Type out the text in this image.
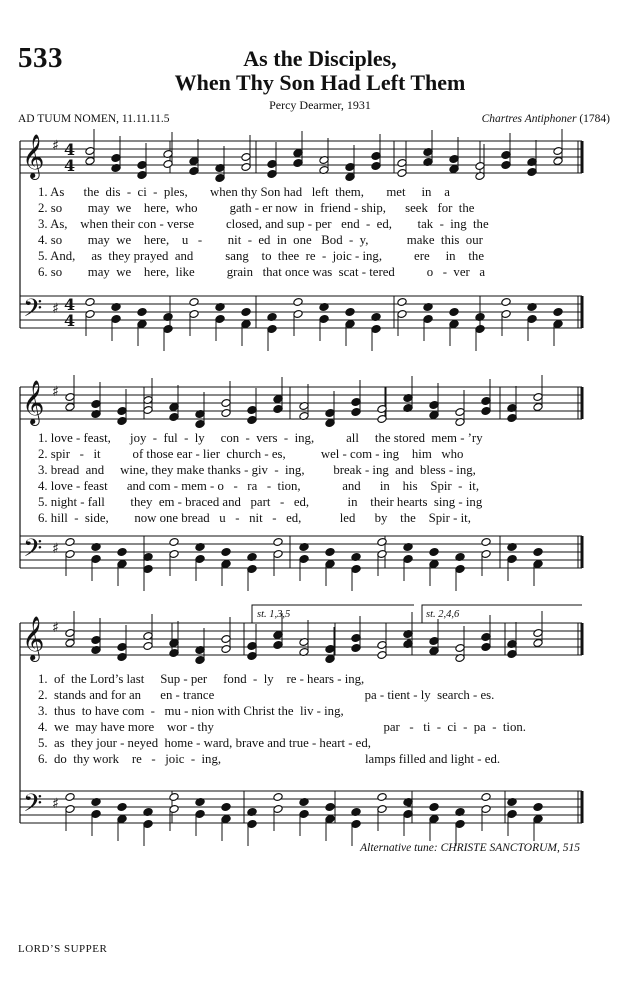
533	As the Disciples,
When Thy Son Had Left Them
Percy Dearmer, 1931
AD TUUM NOMEN, 11.11.11.5	Chartres Antiphoner (1784)
𝄞
𝄢
♯
♯
4
4
4
4
𝄞
𝄢
♯
♯
𝄞
𝄢
♯
♯
1. As      the  dis  -  ci  -  ples,       when thy Son had   left  them,       met     in    a
2. so        may  we    here,  who          gath - er now  in  friend - ship,      seek   for  the
3. As,    when their con - verse          closed, and sup - per   end  -  ed,        tak  -  ing  the
4. so        may  we    here,    u   -        nit  -  ed  in  one   Bod  -  y,            make  this  our
5. And,     as  they prayed  and          sang    to  thee  re  -  joic - ing,          ere     in    the
6. so        may  we    here,  like          grain   that once was  scat - tered          o   -  ver   a
1. love - feast,      joy  -  ful  -  ly     con  -  vers  -  ing,          all     the stored  mem - ’ry
2. spir   -   it          of those ear - lier  church - es,           wel - com - ing    him   who
3. bread  and     wine, they make thanks - giv  -  ing,         break - ing  and  bless - ing,
4. love - feast      and com - mem - o   -   ra   -  tion,             and      in    his    Spir  -  it,
5. night - fall        they  em - braced and   part   -   ed,            in    their hearts  sing - ing
6. hill  -  side,        now one bread   u   -   nit   -   ed,            led      by    the    Spir - it,
1.  of  the Lord’s last     Sup - per     fond  -  ly    re - hears - ing,
2.  stands and for an      en - trance                                               pa - tient - ly  search - es.
3.  thus  to have com  -   mu - nion with Christ the  liv - ing,
4.  we  may have more    wor - thy                                                     par   -   ti  -  ci  -  pa  -  tion.
5.  as  they jour - neyed  home - ward, brave and true - heart - ed,
6.  do  thy work    re   -   joic  -  ing,                                             lamps filled and light - ed.
st. 1,3,5	st. 2,4,6
Alternative tune: CHRISTE SANCTORUM, 515
LORD’S SUPPER
